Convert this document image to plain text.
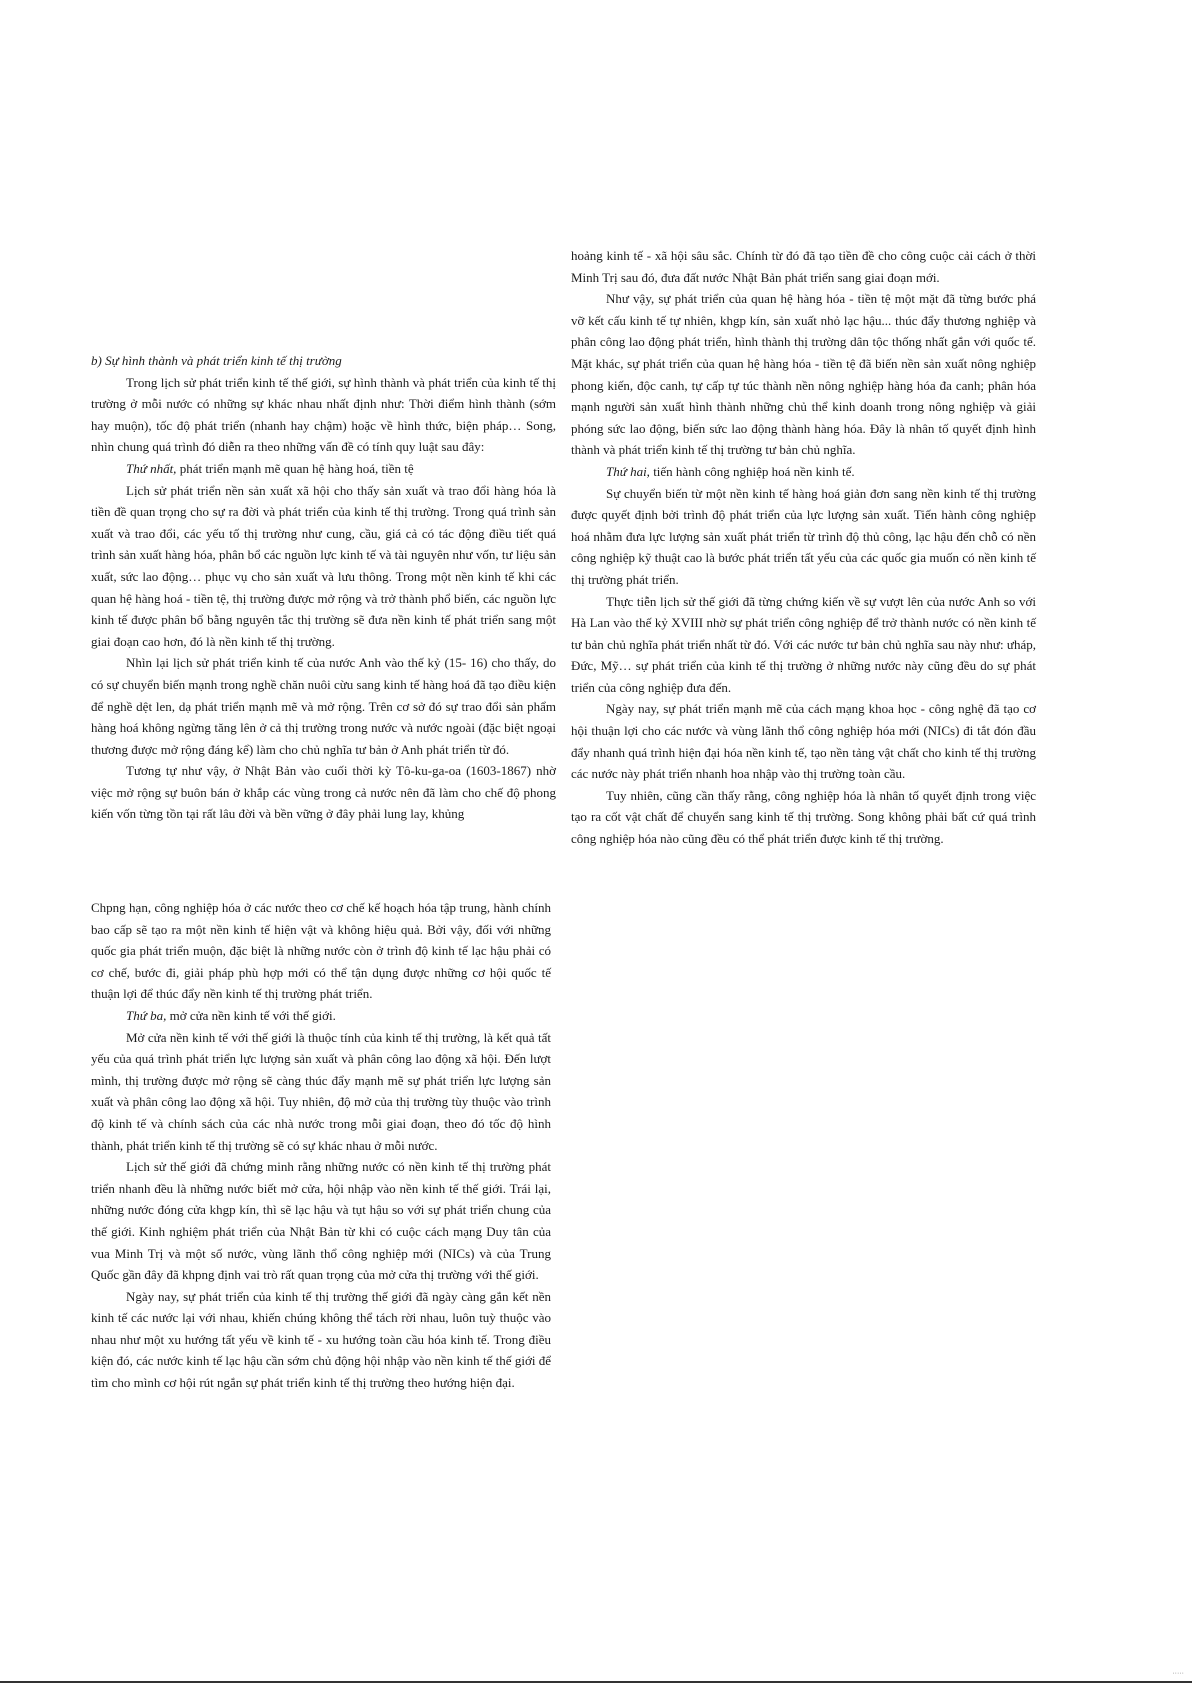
b) Sự hình thành và phát triển kinh tế thị trường

Trong lịch sử phát triển kinh tế thế giới, sự hình thành và phát triển của kinh tế thị trường ở mỗi nước có những sự khác nhau nhất định như: Thời điểm hình thành (sớm hay muộn), tốc độ phát triển (nhanh hay chậm) hoặc về hình thức, biện pháp… Song, nhìn chung quá trình đó diễn ra theo những vấn đề có tính quy luật sau đây:

Thứ nhất, phát triển mạnh mẽ quan hệ hàng hoá, tiền tệ

Lịch sử phát triển nền sản xuất xã hội cho thấy sản xuất và trao đổi hàng hóa là tiền đề quan trọng cho sự ra đời và phát triển của kinh tế thị trường. Trong quá trình sản xuất và trao đổi, các yếu tố thị trường như cung, cầu, giá cả có tác động điều tiết quá trình sản xuất hàng hóa, phân bổ các nguồn lực kinh tế và tài nguyên như vốn, tư liệu sản xuất, sức lao động… phục vụ cho sản xuất và lưu thông. Trong một nền kinh tế khi các quan hệ hàng hoá - tiền tệ, thị trường được mở rộng và trở thành phổ biến, các nguồn lực kinh tế được phân bổ bằng nguyên tắc thị trường sẽ đưa nền kinh tế phát triển sang một giai đoạn cao hơn, đó là nền kinh tế thị trường.

Nhìn lại lịch sử phát triển kinh tế của nước Anh vào thế kỷ (15- 16) cho thấy, do có sự chuyển biến mạnh trong nghề chăn nuôi cừu sang kinh tế hàng hoá đã tạo điều kiện để nghề dệt len, dạ phát triển mạnh mẽ và mở rộng. Trên cơ sở đó sự trao đổi sản phẩm hàng hoá không ngừng tăng lên ở cả thị trường trong nước và nước ngoài (đặc biệt ngoại thương được mở rộng đáng kể) làm cho chủ nghĩa tư bản ở Anh phát triển từ đó.

Tương tự như vậy, ở Nhật Bản vào cuối thời kỳ Tô-ku-ga-oa (1603-1867) nhờ việc mở rộng sự buôn bán ở khắp các vùng trong cả nước nên đã làm cho chế độ phong kiến vốn từng tồn tại rất lâu đời và bền vững ở đây phải lung lay, khủng

hoảng kinh tế - xã hội sâu sắc. Chính từ đó đã tạo tiền đề cho công cuộc cải cách ở thời Minh Trị sau đó, đưa đất nước Nhật Bản phát triển sang giai đoạn mới.

Như vậy, sự phát triển của quan hệ hàng hóa - tiền tệ một mặt đã từng bước phá vỡ kết cấu kinh tế tự nhiên, khgp kín, sản xuất nhỏ lạc hậu... thúc đẩy thương nghiệp và phân công lao động phát triển, hình thành thị trường dân tộc thống nhất gắn với quốc tế. Mặt khác, sự phát triển của quan hệ hàng hóa - tiền tệ đã biến nền sản xuất nông nghiệp phong kiến, độc canh, tự cấp tự túc thành nền nông nghiệp hàng hóa đa canh; phân hóa mạnh người sản xuất hình thành những chủ thể kinh doanh trong nông nghiệp và giải phóng sức lao động, biến sức lao động thành hàng hóa. Đây là nhân tố quyết định hình thành và phát triển kinh tế thị trường tư bản chủ nghĩa.

Thứ hai, tiến hành công nghiệp hoá nền kinh tế.

Sự chuyển biến từ một nền kinh tế hàng hoá giản đơn sang nền kinh tế thị trường được quyết định bởi trình độ phát triển của lực lượng sản xuất. Tiến hành công nghiệp hoá nhằm đưa lực lượng sản xuất phát triển từ trình độ thủ công, lạc hậu đến chỗ có nền công nghiệp kỹ thuật cao là bước phát triển tất yếu của các quốc gia muốn có nền kinh tế thị trường phát triển.

Thực tiễn lịch sử thế giới đã từng chứng kiến về sự vượt lên của nước Anh so với Hà Lan vào thế kỷ XVIII nhờ sự phát triển công nghiệp để trở thành nước có nền kinh tế tư bản chủ nghĩa phát triển nhất từ đó. Với các nước tư bản chủ nghĩa sau này như: ưháp, Đức, Mỹ… sự phát triển của kinh tế thị trường ở những nước này cũng đều do sự phát triển của công nghiệp đưa đến.

Ngày nay, sự phát triển mạnh mẽ của cách mạng khoa học - công nghệ đã tạo cơ hội thuận lợi cho các nước và vùng lãnh thổ công nghiệp hóa mới (NICs) đi tắt đón đầu đẩy nhanh quá trình hiện đại hóa nền kinh tế, tạo nền tảng vật chất cho kinh tế thị trường các nước này phát triển nhanh hoa nhập vào thị trường toàn cầu.

Tuy nhiên, cũng cần thấy rằng, công nghiệp hóa là nhân tố quyết định trong việc tạo ra cốt vật chất để chuyển sang kinh tế thị trường. Song không phải bất cứ quá trình công nghiệp hóa nào cũng đều có thể phát triển được kinh tế thị trường.

Chpng hạn, công nghiệp hóa ở các nước theo cơ chế kế hoạch hóa tập trung, hành chính bao cấp sẽ tạo ra một nền kinh tế hiện vật và không hiệu quả. Bởi vậy, đối với những quốc gia phát triển muộn, đặc biệt là những nước còn ở trình độ kinh tế lạc hậu phải có cơ chế, bước đi, giải pháp phù hợp mới có thể tận dụng được những cơ hội quốc tế thuận lợi để thúc đẩy nền kinh tế thị trường phát triển.

Thứ ba, mở cửa nền kinh tế với thế giới.

Mở cửa nền kinh tế với thế giới là thuộc tính của kinh tế thị trường, là kết quả tất yếu của quá trình phát triển lực lượng sản xuất và phân công lao động xã hội. Đến lượt mình, thị trường được mở rộng sẽ càng thúc đẩy mạnh mẽ sự phát triển lực lượng sản xuất và phân công lao động xã hội. Tuy nhiên, độ mở của thị trường tùy thuộc vào trình độ kinh tế và chính sách của các nhà nước trong mỗi giai đoạn, theo đó tốc độ hình thành, phát triển kinh tế thị trường sẽ có sự khác nhau ở mỗi nước.

Lịch sử thế giới đã chứng minh rằng những nước có nền kinh tế thị trường phát triển nhanh đều là những nước biết mở cửa, hội nhập vào nền kinh tế thế giới. Trái lại, những nước đóng cửa khgp kín, thì sẽ lạc hậu và tụt hậu so với sự phát triển chung của thế giới. Kinh nghiệm phát triển của Nhật Bản từ khi có cuộc cách mạng Duy tân của vua Minh Trị và một số nước, vùng lãnh thổ công nghiệp mới (NICs) và của Trung Quốc gần đây đã khpng định vai trò rất quan trọng của mở cửa thị trường với thế giới.

Ngày nay, sự phát triển của kinh tế thị trường thế giới đã ngày càng gắn kết nền kinh tế các nước lại với nhau, khiến chúng không thể tách rời nhau, luôn tuỳ thuộc vào nhau như một xu hướng tất yếu về kinh tế - xu hướng toàn cầu hóa kinh tế. Trong điều kiện đó, các nước kinh tế lạc hậu cần sớm chủ động hội nhập vào nền kinh tế thế giới để tìm cho mình cơ hội rút ngắn sự phát triển kinh tế thị trường theo hướng hiện đại.

·····
